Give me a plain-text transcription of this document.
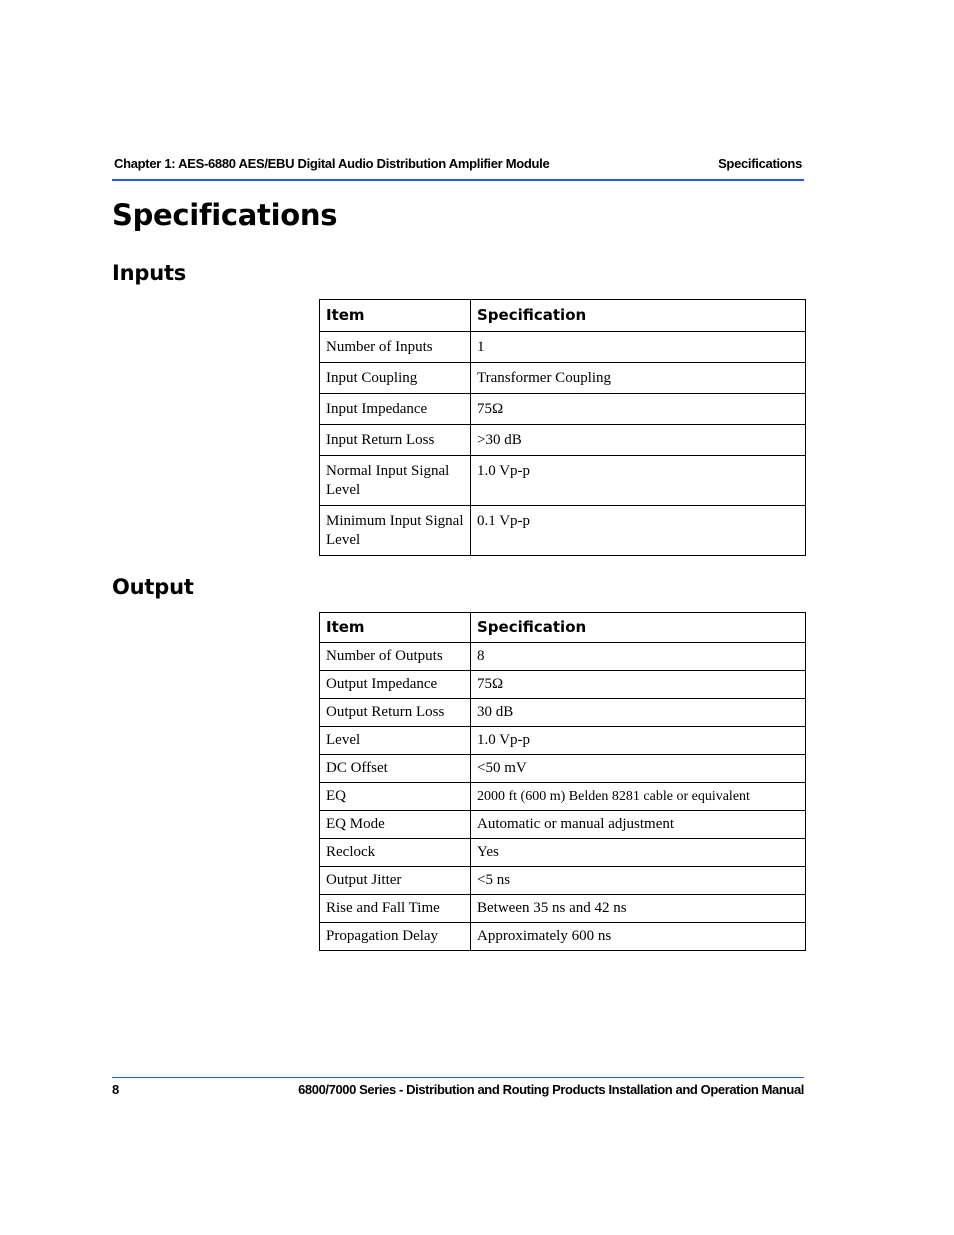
Chapter 1: AES-6880 AES/EBU Digital Audio Distribution Amplifier Module	Specifications
Specifications
Inputs
Item	Specification
Number of Inputs	1
Input Coupling	Transformer Coupling
Input Impedance	75Ω
Input Return Loss	>30 dB
Normal Input Signal Level	1.0 Vp-p
Minimum Input Signal Level	0.1 Vp-p
Output
Item	Specification
Number of Outputs	8
Output Impedance	75Ω
Output Return Loss	30 dB
Level	1.0 Vp-p
DC Offset	<50 mV
EQ	2000 ft (600 m) Belden 8281 cable or equivalent
EQ Mode	Automatic or manual adjustment
Reclock	Yes
Output Jitter	<5 ns
Rise and Fall Time	Between 35 ns and 42 ns
Propagation Delay	Approximately 600 ns
8	6800/7000 Series - Distribution and Routing Products Installation and Operation Manual
